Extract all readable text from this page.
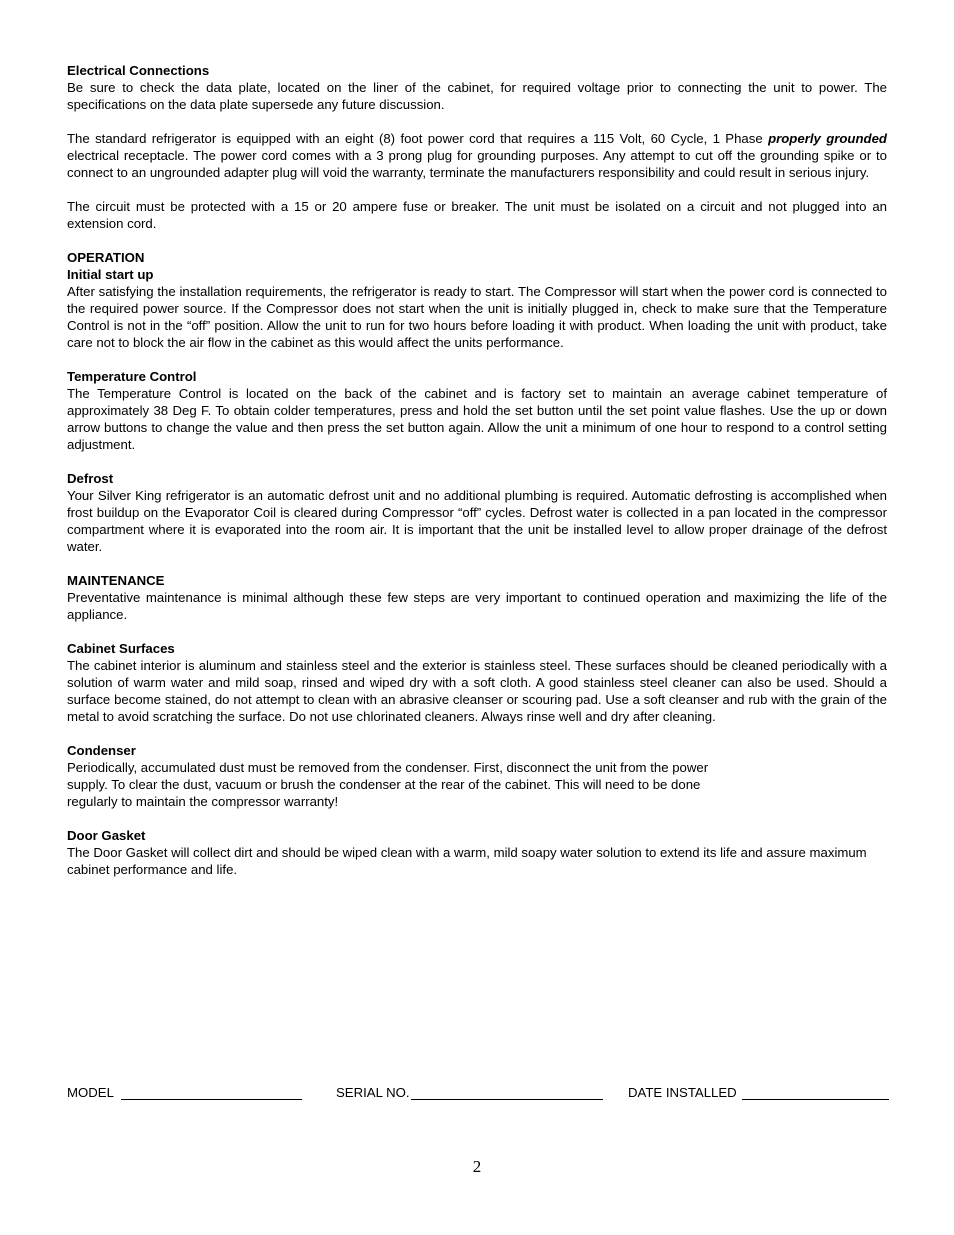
Electrical Connections

Be sure to check the data plate, located on the liner of the cabinet, for required voltage prior to connecting the unit to power. The specifications on the data plate supersede any future discussion.

The standard refrigerator is equipped with an eight (8) foot power cord that requires a 115 Volt, 60 Cycle, 1 Phase properly grounded electrical receptacle. The power cord comes with a 3 prong plug for grounding purposes. Any attempt to cut off the grounding spike or to connect to an ungrounded adapter plug will void the warranty, terminate the manufacturers responsibility and could result in serious injury.

The circuit must be protected with a 15 or 20 ampere fuse or breaker. The unit must be isolated on a circuit and not plugged into an extension cord.

OPERATION
Initial start up

After satisfying the installation requirements, the refrigerator is ready to start. The Compressor will start when the power cord is connected to the required power source. If the Compressor does not start when the unit is initially plugged in, check to make sure that the Temperature Control is not in the “off” position. Allow the unit to run for two hours before loading it with product. When loading the unit with product, take care not to block the air flow in the cabinet as this would affect the units performance.

Temperature Control

The Temperature Control is located on the back of the cabinet and is factory set to maintain an average cabinet temperature of approximately 38 Deg F. To obtain colder temperatures, press and hold the set button until the set point value flashes. Use the up or down arrow buttons to change the value and then press the set button again. Allow the unit a minimum of one hour to respond to a control setting adjustment.

Defrost

Your Silver King refrigerator is an automatic defrost unit and no additional plumbing is required. Automatic defrosting is accomplished when frost buildup on the Evaporator Coil is cleared during Compressor “off” cycles. Defrost water is collected in a pan located in the compressor compartment where it is evaporated into the room air. It is important that the unit be installed level to allow proper drainage of the defrost water.

MAINTENANCE

Preventative maintenance is minimal although these few steps are very important to continued operation and maximizing the life of the appliance.

Cabinet Surfaces

The cabinet interior is aluminum and stainless steel and the exterior is stainless steel. These surfaces should be cleaned periodically with a solution of warm water and mild soap, rinsed and wiped dry with a soft cloth. A good stainless steel cleaner can also be used. Should a surface become stained, do not attempt to clean with an abrasive cleanser or scouring pad. Use a soft cleanser and rub with the grain of the metal to avoid scratching the surface. Do not use chlorinated cleaners. Always rinse well and dry after cleaning.

Condenser

Periodically, accumulated dust must be removed from the condenser. First, disconnect the unit from the power supply. To clear the dust, vacuum or brush the condenser at the rear of the cabinet. This will need to be done regularly to maintain the compressor warranty!

Door Gasket

The Door Gasket will collect dirt and should be wiped clean with a warm, mild soapy water solution to extend its life and assure maximum cabinet performance and life.

MODEL	SERIAL NO.	DATE INSTALLED
2
